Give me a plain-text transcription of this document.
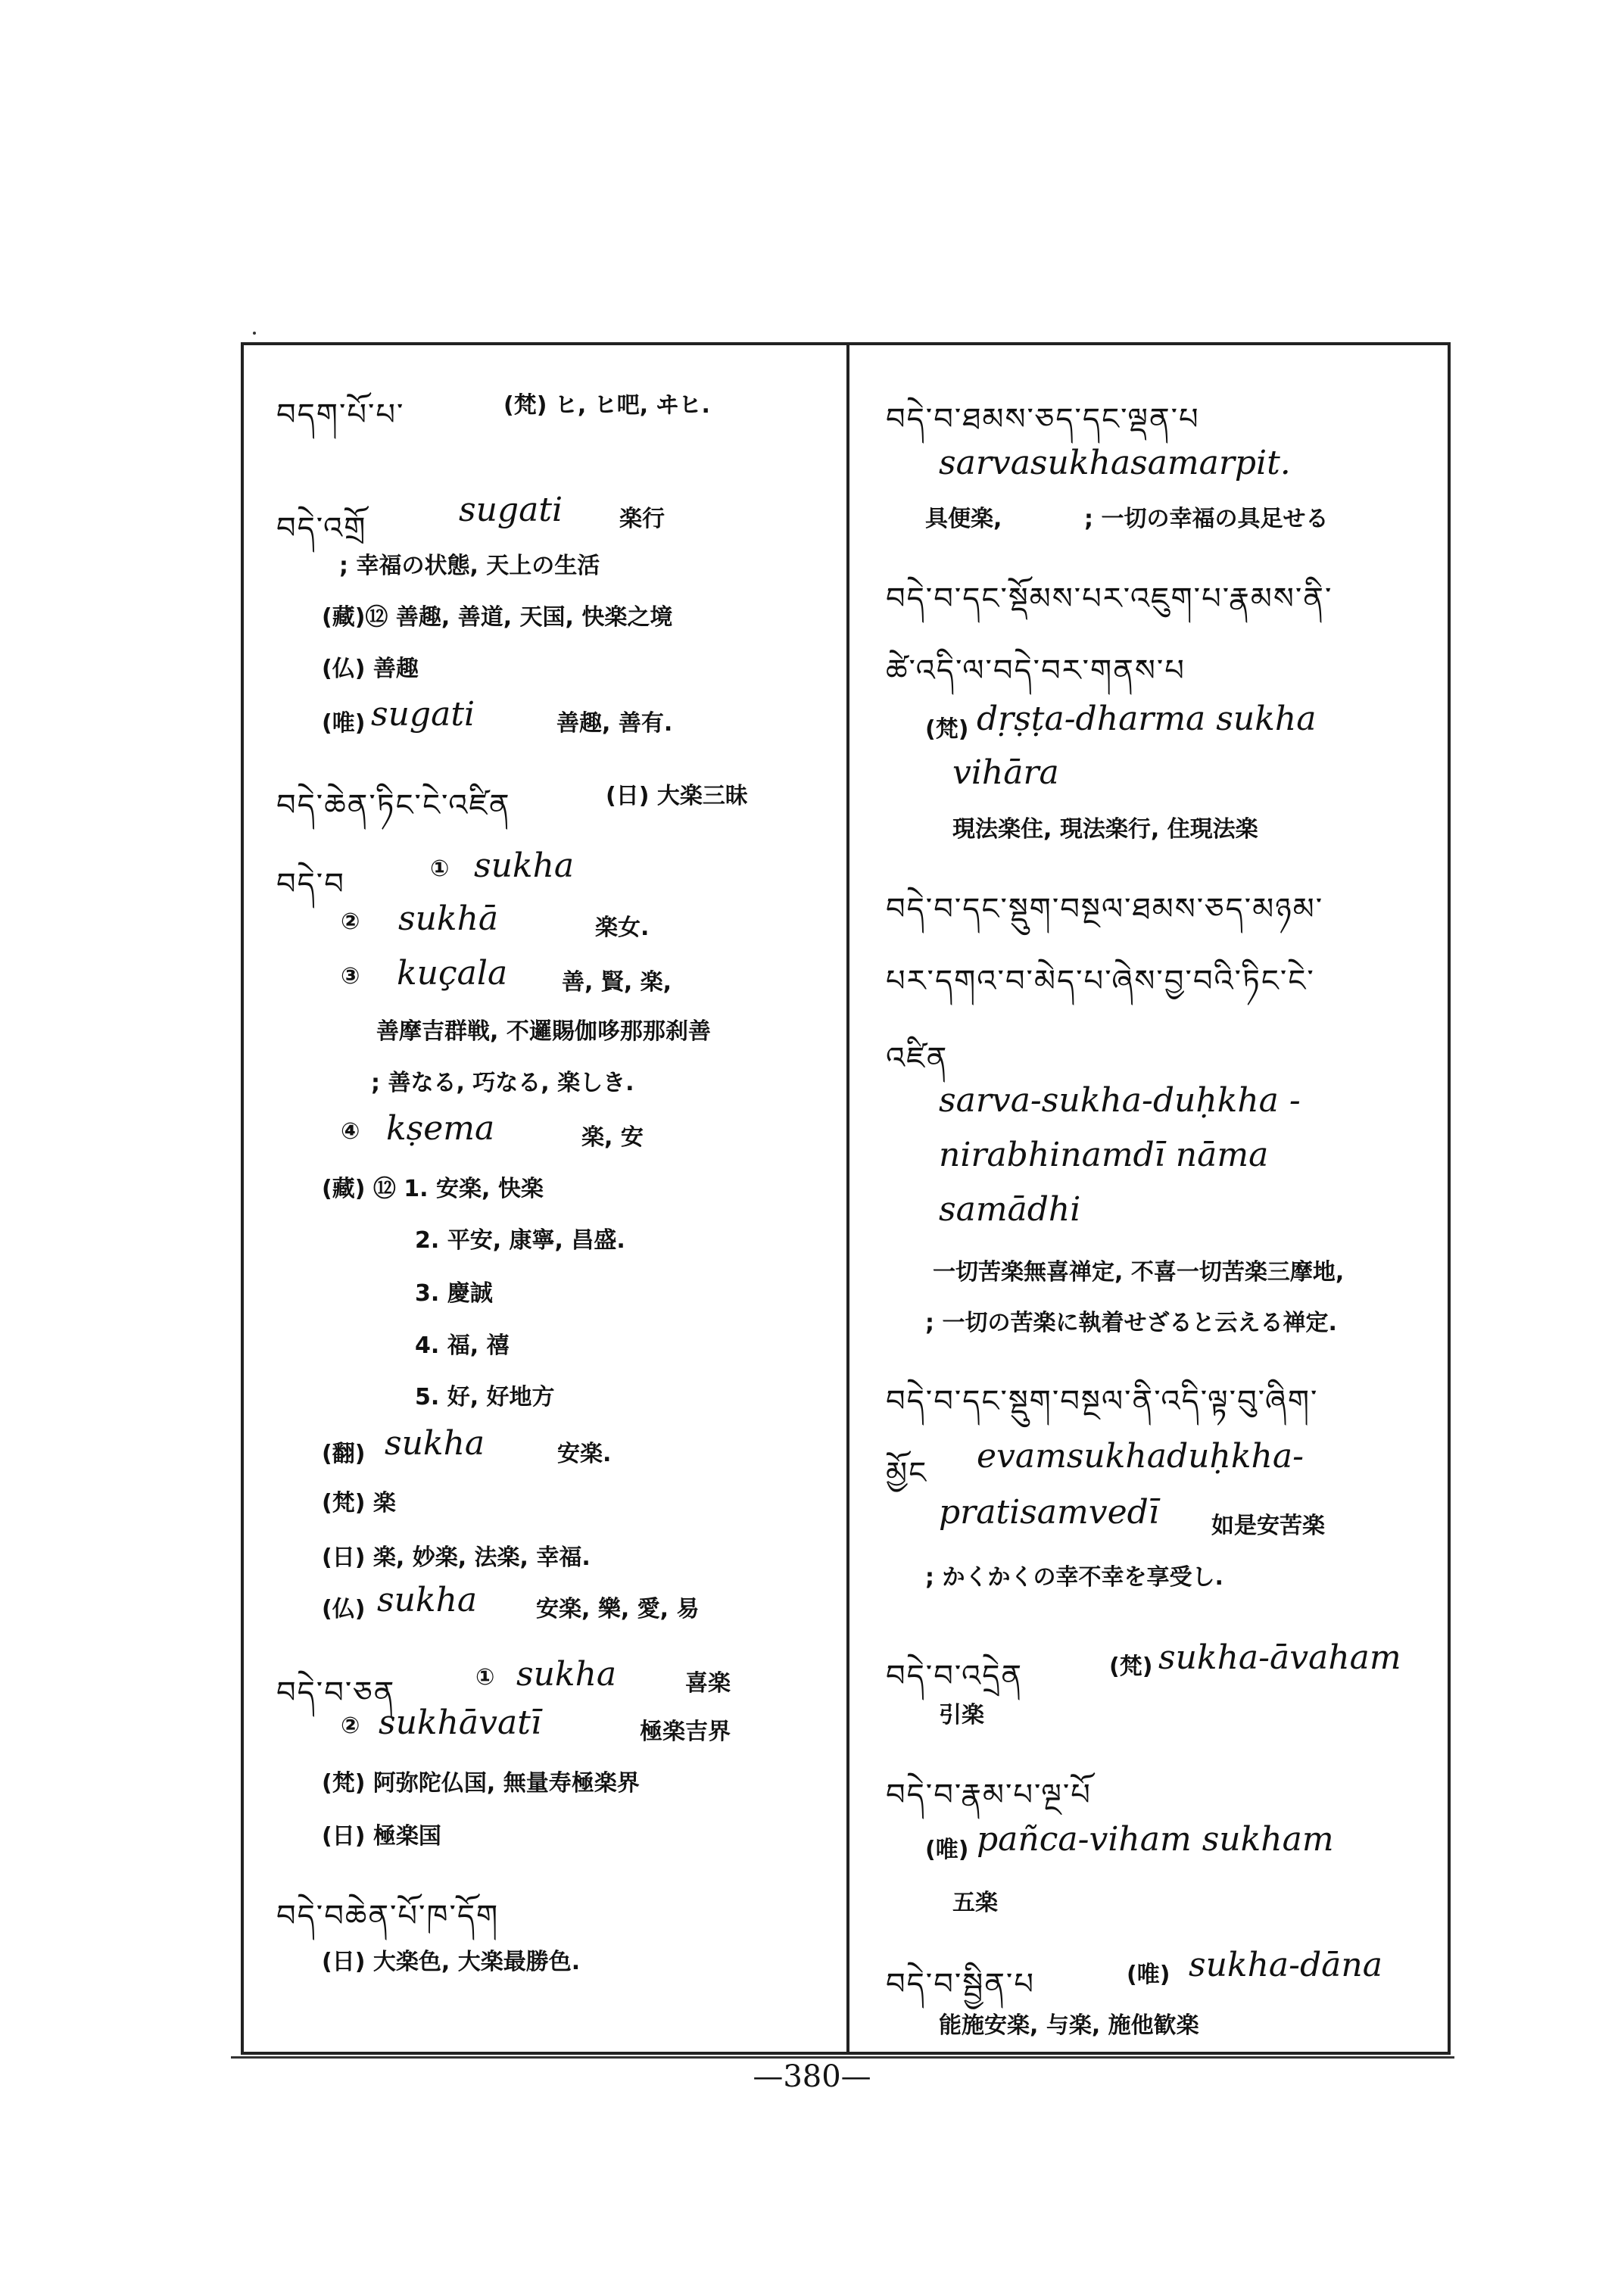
བདག་པོ་པ་	(梵) ヒ, ヒ吧, ヰヒ.
བདེ་འགྲོ	sugati 楽行
; 幸福の状態, 天上の生活
(藏)⑫ 善趣, 善道, 天国, 快楽之境
(仏) 善趣
(唯) sugati	善趣, 善有.
བདེ་ཆེན་ཏིང་ངེ་འཛིན	(日) 大楽三昧
བདེ་བ	① sukha
② sukhā	楽女.
③ kuçala 善, 賢, 楽,
善摩吉群戦, 不邏賜伽哆那那刹善
; 善なる, 巧なる, 楽しき.
④ kṣema	楽, 安
(藏) ⑫ 1. 安楽, 快楽
2. 平安, 康寧, 昌盛.
3. 慶誠
4. 福, 禧
5. 好, 好地方
(翻) sukha	安楽.
(梵) 楽
(日) 楽, 妙楽, 法楽, 幸福.
(仏) sukha	安楽, 樂, 愛, 易
བདེ་བ་ཅན	① sukha	喜楽
② sukhāvatī	極楽吉界
(梵) 阿弥陀仏国, 無量寿極楽界
(日) 極楽国
བདེ་བཆེན་པོ་ཁ་དོག
(日) 大楽色, 大楽最勝色.
བདེ་བ་ཐམས་ཅད་དང་ལྡན་པ
sarvasukhasamarpit.
具便楽,	; 一切の幸福の具足せる
བདེ་བ་དང་སྡོམས་པར་འཇུག་པ་རྣམས་ནི་
ཚེ་འདི་ལ་བདེ་བར་གནས་པ
(梵) dṛṣṭa-dharma sukha
vihāra
現法楽住, 現法楽行, 住現法楽
བདེ་བ་དང་སྡུག་བསྔལ་ཐམས་ཅད་མཉམ་
པར་དགའ་བ་མེད་པ་ཞེས་བྱ་བའི་ཏིང་ངེ་
འཛིན
sarva-sukha-duḥkha -
nirabhinamdī nāma
samādhi
一切苦楽無喜禅定, 不喜一切苦楽三摩地,
; 一切の苦楽に執着せざると云える禅定.
བདེ་བ་དང་སྡུག་བསྔལ་ནི་འདི་ལྟ་བུ་ཞིག་
མྱོང evamsukhaduḥkha-
pratisamvedī 如是安苦楽
; かくかくの幸不幸を享受し.
བདེ་བ་འདྲེན	(梵) sukha-āvaham
引楽
བདེ་བ་རྣམ་པ་ལྔ་པོ
(唯) pañca-viham sukham
五楽
བདེ་བ་སྦྱིན་པ	(唯) sukha-dāna
能施安楽, 与楽, 施他歓楽
—380—
